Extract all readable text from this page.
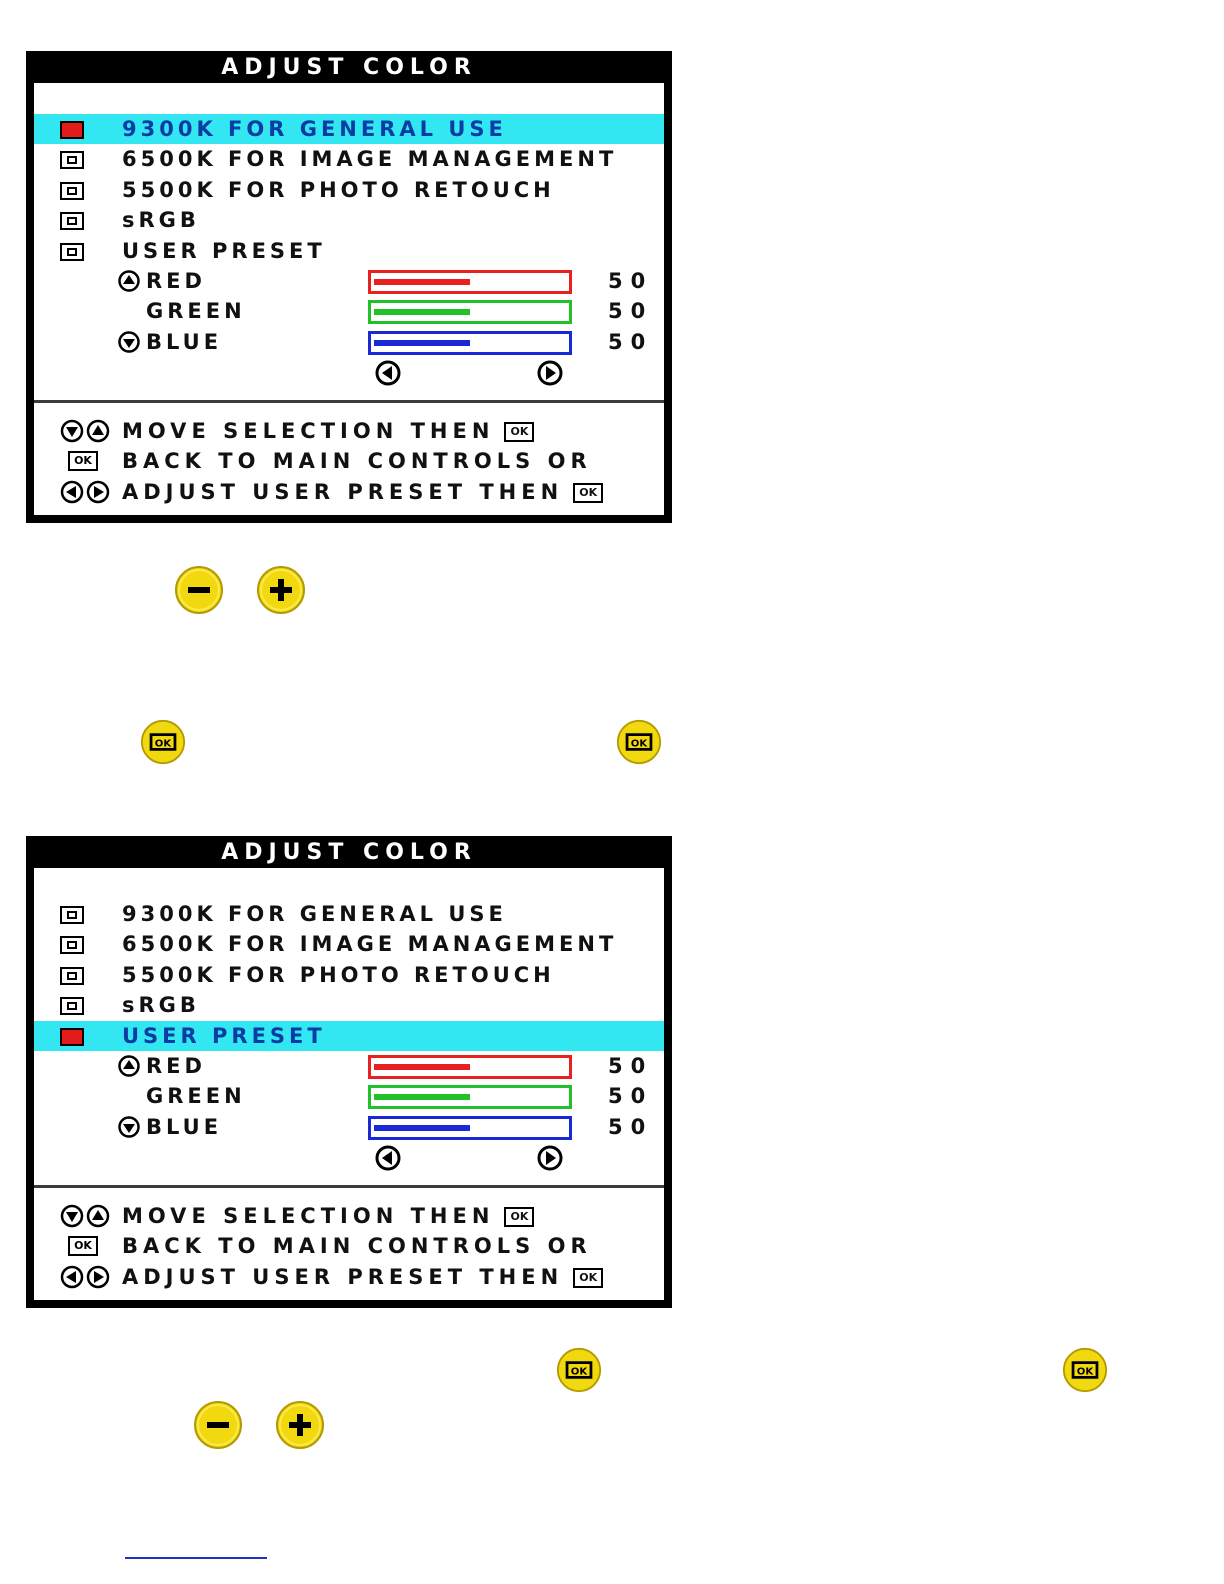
ADJUST COLOR
9300K FOR GENERAL USE
6500K FOR IMAGE MANAGEMENT
5500K FOR PHOTO RETOUCH
sRGB
USER PRESET
RED	50
GREEN	50
BLUE	50
MOVE SELECTION THEN OK
OK BACK TO MAIN CONTROLS OR
ADJUST USER PRESET THEN OK
OK	OK
ADJUST COLOR
9300K FOR GENERAL USE
6500K FOR IMAGE MANAGEMENT
5500K FOR PHOTO RETOUCH
sRGB
USER PRESET
RED	50
GREEN	50
BLUE	50
MOVE SELECTION THEN OK
OK BACK TO MAIN CONTROLS OR
ADJUST USER PRESET THEN OK
OK	OK
